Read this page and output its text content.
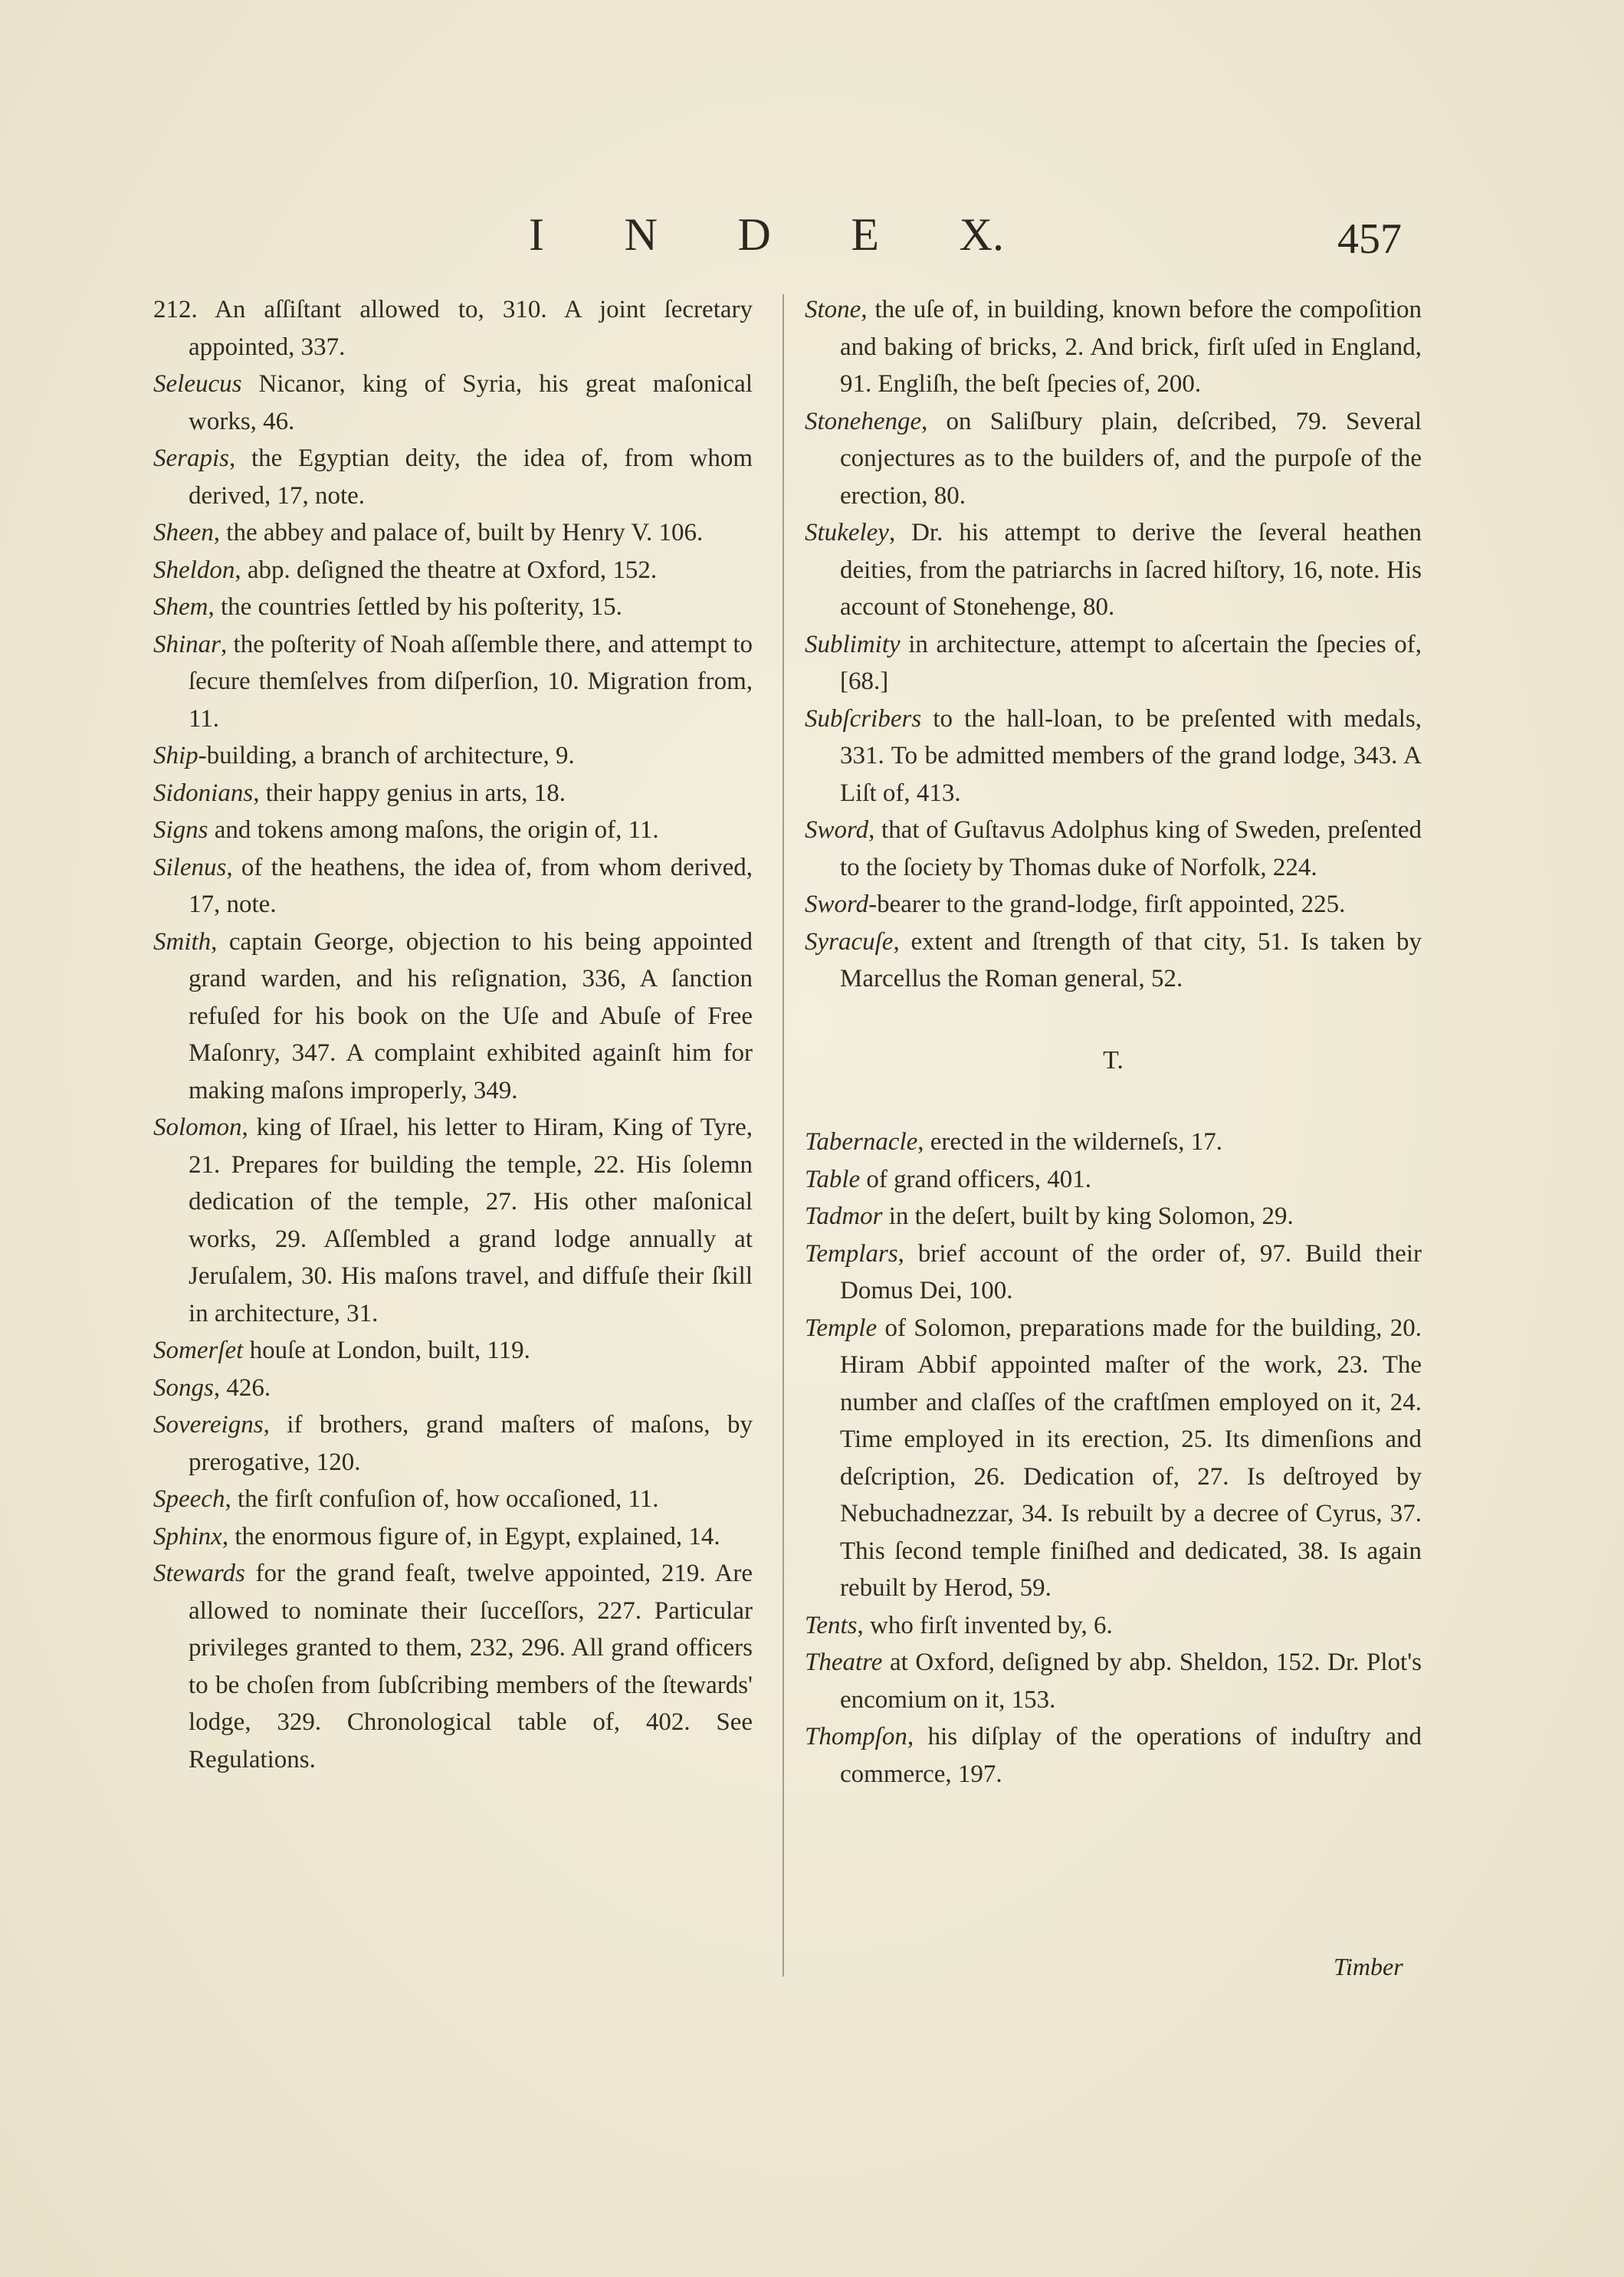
I N D E X.	457

212. An aſſiſtant allowed to, 310. A joint ſecretary appointed, 337.

Seleucus Nicanor, king of Syria, his great maſonical works, 46.

Serapis, the Egyptian deity, the idea of, from whom derived, 17, note.

Sheen, the abbey and palace of, built by Henry V. 106.

Sheldon, abp. deſigned the theatre at Oxford, 152.

Shem, the countries ſettled by his poſterity, 15.

Shinar, the poſterity of Noah aſſemble there, and attempt to ſecure themſelves from diſperſion, 10. Migration from, 11.

Ship-building, a branch of architecture, 9.

Sidonians, their happy genius in arts, 18.

Signs and tokens among maſons, the origin of, 11.

Silenus, of the heathens, the idea of, from whom derived, 17, note.

Smith, captain George, objection to his being appointed grand warden, and his reſignation, 336, A ſanction refuſed for his book on the Uſe and Abuſe of Free Maſonry, 347. A complaint exhibited againſt him for making maſons improperly, 349.

Solomon, king of Iſrael, his letter to Hiram, King of Tyre, 21. Prepares for building the temple, 22. His ſolemn dedication of the temple, 27. His other maſonical works, 29. Aſſembled a grand lodge annually at Jeruſalem, 30. His maſons travel, and diffuſe their ſkill in architecture, 31.

Somerſet houſe at London, built, 119.

Songs, 426.

Sovereigns, if brothers, grand maſters of maſons, by prerogative, 120.

Speech, the firſt confuſion of, how occaſioned, 11.

Sphinx, the enormous figure of, in Egypt, explained, 14.

Stewards for the grand feaſt, twelve appointed, 219. Are allowed to nominate their ſucceſſors, 227. Particular privileges granted to them, 232, 296. All grand officers to be choſen from ſubſcribing members of the ſtewards' lodge, 329. Chronological table of, 402. See Regulations.

Stone, the uſe of, in building, known before the compoſition and baking of bricks, 2. And brick, firſt uſed in England, 91. Engliſh, the beſt ſpecies of, 200.

Stonehenge, on Saliſbury plain, deſcribed, 79. Several conjectures as to the builders of, and the purpoſe of the erection, 80.

Stukeley, Dr. his attempt to derive the ſeveral heathen deities, from the patriarchs in ſacred hiſtory, 16, note. His account of Stonehenge, 80.

Sublimity in architecture, attempt to aſcertain the ſpecies of, [68.]

Subſcribers to the hall-loan, to be preſented with medals, 331. To be admitted members of the grand lodge, 343. A Liſt of, 413.

Sword, that of Guſtavus Adolphus king of Sweden, preſented to the ſociety by Thomas duke of Norfolk, 224.

Sword-bearer to the grand-lodge, firſt appointed, 225.

Syracuſe, extent and ſtrength of that city, 51. Is taken by Marcellus the Roman general, 52.

T.

Tabernacle, erected in the wilderneſs, 17.

Table of grand officers, 401.

Tadmor in the deſert, built by king Solomon, 29.

Templars, brief account of the order of, 97. Build their Domus Dei, 100.

Temple of Solomon, preparations made for the building, 20. Hiram Abbif appointed maſter of the work, 23. The number and claſſes of the craftſmen employed on it, 24. Time employed in its erection, 25. Its dimenſions and deſcription, 26. Dedication of, 27. Is deſtroyed by Nebuchadnezzar, 34. Is rebuilt by a decree of Cyrus, 37. This ſecond temple finiſhed and dedicated, 38. Is again rebuilt by Herod, 59.

Tents, who firſt invented by, 6.

Theatre at Oxford, deſigned by abp. Sheldon, 152. Dr. Plot's encomium on it, 153.

Thompſon, his diſplay of the operations of induſtry and commerce, 197.

Timber
